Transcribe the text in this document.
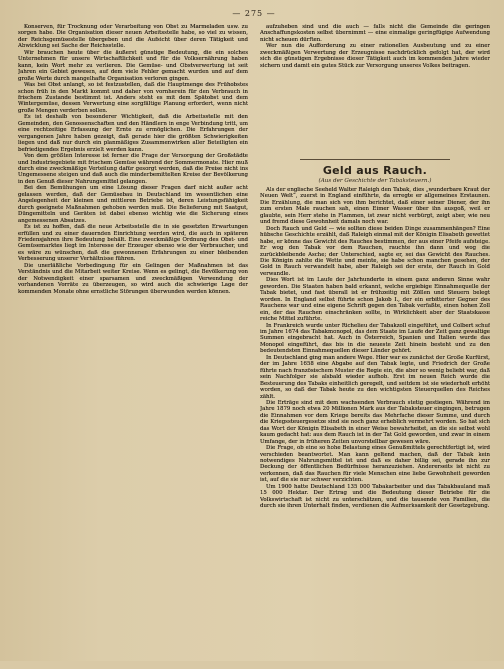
— 275 —
Konserven, für Trocknung oder Verarbeitung von Obst zu Marmeladen usw. zu sorgen habe. Die Organisation dieser neuen Arbeitsstelle habe, so viel zu wissen, der Reichsgemüsestelle übergeben und die Aufsicht über deren Tätigkeit und Abwicklung sei Sache der Reichsstelle.
Wir brauchen heute über die äußerst günstige Bedeutung, die ein solches Unternehmen für unsere Wirtschaftlichkeit und für die Volksernährung haben kann, kein Wort mehr zu verlieren. Die Gemüse- und Obstverwertung ist seit Jahren ein Gebiet gewesen, auf dem viele Fehler gemacht wurden und auf dem große Werte durch mangelhafte Organisation verloren gingen.
Was bei Obst anlangt, so ist festzustellen, daß die Hauptmenge des Frühobstes schon früh in den Markt kommt und daher von vornherein für den Verbrauch in frischem Zustande bestimmt ist. Anders steht es mit dem Spätobst und dem Wintergemüse, dessen Verwertung eine sorgfältige Planung erfordert, wenn nicht große Mengen verderben sollen.
Es ist deshalb von besonderer Wichtigkeit, daß die Arbeitsstelle mit den Gemeinden, den Genossenschaften und den Händlern in enge Verbindung tritt, um eine rechtzeitige Erfassung der Ernte zu ermöglichen. Die Erfahrungen der vergangenen Jahre haben gezeigt, daß gerade hier die größten Schwierigkeiten liegen und daß nur durch ein planmäßiges Zusammenwirken aller Beteiligten ein befriedigendes Ergebnis erzielt werden kann.
Von dem größten Interesse ist ferner die Frage der Versorgung der Großstädte und Industriegebiete mit frischem Gemüse während der Sommermonate. Hier muß durch eine zweckmäßige Verteilung dafür gesorgt werden, daß die Preise nicht ins Ungemessene steigen und daß auch die minderbemittelten Kreise der Bevölkerung in den Genuß dieser Nahrungsmittel gelangen.
Bei den Bemühungen um eine Lösung dieser Fragen darf nicht außer acht gelassen werden, daß der Gemüsebau in Deutschland im wesentlichen eine Angelegenheit der kleinen und mittleren Betriebe ist, deren Leistungsfähigkeit durch geeignete Maßnahmen gehoben werden muß. Die Belieferung mit Saatgut, Düngemitteln und Geräten ist dabei ebenso wichtig wie die Sicherung eines angemessenen Absatzes.
Es ist zu hoffen, daß die neue Arbeitsstelle die in sie gesetzten Erwartungen erfüllen und zu einer dauernden Einrichtung werden wird, die auch in späteren Friedensjahren ihre Bedeutung behält. Eine zweckmäßige Ordnung des Obst- und Gemüsemarktes liegt im Interesse der Erzeuger ebenso wie der Verbraucher, und es wäre zu wünschen, daß die gewonnenen Erfahrungen zu einer bleibenden Verbesserung unserer Verhältnisse führen.
Die unerläßliche Vorbedingung für ein Gelingen der Maßnahmen ist das Verständnis und die Mitarbeit weiter Kreise. Wenn es gelingt, die Bevölkerung von der Notwendigkeit einer sparsamen und zweckmäßigen Verwendung der vorhandenen Vorräte zu überzeugen, so wird auch die schwierige Lage der kommenden Monate ohne ernstliche Störungen überwunden werden können.
aufzuheben sind und die auch — falls nicht die Gemeinde die geringen Anschaffungskosten selbst übernimmt — eine einmalige geringfügige Aufwendung nicht scheuen dürften.
Wer nun die Aufforderung zu einer rationellen Ausbeutung und zu einer zweckmäßigen Verwertung der Erzeugnisse nachdrücklich gefolgt hat, der wird sich die günstigen Ergebnisse dieser Tätigkeit auch im kommenden Jahre wieder sichern und damit ein gutes Stück zur Versorgung unseres Volkes beitragen.
Geld aus Rauch.
(Aus der Geschichte der Tabaksteuern.)
Als der englische Seeheld Walter Raleigh den Tabak, dies „wunderbare Kraut der Neuen Welt“, zuerst in England einführte, da erregte er allgemeines Erstaunen. Die Erzählung, die man sich von ihm berichtet, daß einer seiner Diener, der ihn zum ersten Male rauchen sah, einen Eimer Wasser über ihn ausgoß, weil er glaubte, sein Herr stehe in Flammen, ist zwar nicht verbürgt, zeigt aber, wie neu und fremd diese Gewohnheit damals noch war.
Doch Rauch und Geld — wie sollten diese beiden Dinge zusammenhängen? Eine hübsche Geschichte erzählt, daß Raleigh einmal mit der Königin Elisabeth gewettet habe, er könne das Gewicht des Rauches bestimmen, der aus einer Pfeife aufsteige. Er wog den Tabak vor dem Rauchen, rauchte ihn dann und wog die zurückbleibende Asche; der Unterschied, sagte er, sei das Gewicht des Rauches. Die Königin zahlte die Wette und meinte, sie habe schon manchen gesehen, der Gold in Rauch verwandelt habe, aber Raleigh sei der erste, der Rauch in Gold verwandle.
Dies Wort ist im Laufe der Jahrhunderte in einem ganz anderen Sinne wahr geworden. Die Staaten haben bald erkannt, welche ergiebige Einnahmequelle der Tabak bietet, und fast überall ist er frühzeitig mit Zöllen und Steuern belegt worden. In England selbst führte schon Jakob I., der ein erbitterter Gegner des Rauchens war und eine eigene Schrift gegen den Tabak verfaßte, einen hohen Zoll ein, der das Rauchen einschränken sollte, in Wirklichkeit aber der Staatskasse reiche Mittel zuführte.
In Frankreich wurde unter Richelieu der Tabakzoll eingeführt, und Colbert schuf im Jahre 1674 das Tabakmonopol, das dem Staate im Laufe der Zeit ganz gewaltige Summen eingebracht hat. Auch in Österreich, Spanien und Italien wurde das Monopol eingeführt, das bis in die neueste Zeit hinein besteht und zu den bedeutendsten Einnahmequellen dieser Länder gehört.
In Deutschland ging man andere Wege. Hier war es zunächst der Große Kurfürst, der im Jahre 1658 eine Abgabe auf den Tabak legte, und Friedrich der Große führte nach französischem Muster die Regie ein, die aber so wenig beliebt war, daß sein Nachfolger sie alsbald wieder aufhob. Erst im neuen Reich wurde die Besteuerung des Tabaks einheitlich geregelt, und seitdem ist sie wiederholt erhöht worden, so daß der Tabak heute zu den wichtigsten Steuerquellen des Reiches zählt.
Die Erträge sind mit dem wachsenden Verbrauch stetig gestiegen. Während im Jahre 1879 noch etwa 20 Millionen Mark aus der Tabaksteuer eingingen, betrugen die Einnahmen vor dem Kriege bereits das Mehrfache dieser Summe, und durch die Kriegssteuergesetze sind sie noch ganz erheblich vermehrt worden. So hat sich das Wort der Königin Elisabeth in einer Weise bewahrheitet, an die sie selbst wohl kaum gedacht hat: aus dem Rauch ist in der Tat Gold geworden, und zwar in einem Umfange, der in früheren Zeiten unvorstellbar gewesen wäre.
Die Frage, ob eine so hohe Belastung eines Genußmittels gerechtfertigt ist, wird verschieden beantwortet. Man kann geltend machen, daß der Tabak kein notwendiges Nahrungsmittel ist und daß es daher billig sei, gerade ihn zur Deckung der öffentlichen Bedürfnisse heranzuziehen. Andererseits ist nicht zu verkennen, daß das Rauchen für viele Menschen eine liebe Gewohnheit geworden ist, auf die sie nur schwer verzichten.
Um 1900 hatte Deutschland 135 000 Tabakarbeiter und das Tabakbauland maß 15 000 Hektar. Der Ertrag und die Bedeutung dieser Betriebe für die Volkswirtschaft ist nicht zu unterschätzen, und die tausende von Familien, die durch sie ihren Unterhalt finden, verdienen die Aufmerksamkeit der Gesetzgebung.
